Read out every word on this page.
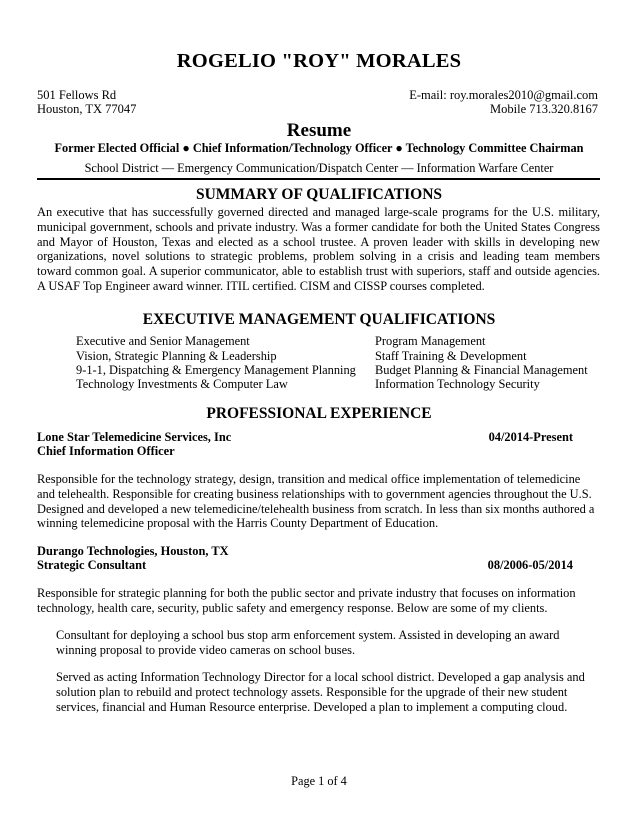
ROGELIO "ROY" MORALES
501 Fellows Rd
Houston, TX 77047
E-mail: roy.morales2010@gmail.com
Mobile 713.320.8167
Resume
Former Elected Official ● Chief Information/Technology Officer ● Technology Committee Chairman
School District — Emergency Communication/Dispatch Center — Information Warfare Center
SUMMARY OF QUALIFICATIONS
An executive that has successfully governed directed and managed large-scale programs for the U.S. military, municipal government, schools and private industry. Was a former candidate for both the United States Congress and Mayor of Houston, Texas and elected as a school trustee. A proven leader with skills in developing new organizations, novel solutions to strategic problems, problem solving in a crisis and leading team members toward common goal. A superior communicator, able to establish trust with superiors, staff and outside agencies. A USAF Top Engineer award winner. ITIL certified. CISM and CISSP courses completed.
EXECUTIVE MANAGEMENT QUALIFICATIONS
Executive and Senior Management
Vision, Strategic Planning & Leadership
9-1-1, Dispatching & Emergency Management Planning
Technology Investments & Computer Law
Program Management
Staff Training & Development
Budget Planning & Financial Management
Information Technology Security
PROFESSIONAL EXPERIENCE
Lone Star Telemedicine Services, Inc	04/2014-Present
Chief Information Officer
Responsible for the technology strategy, design, transition and medical office implementation of telemedicine and telehealth. Responsible for creating business relationships with to government agencies throughout the U.S. Designed and developed a new telemedicine/telehealth business from scratch. In less than six months authored a winning telemedicine proposal with the Harris County Department of Education.
Durango Technologies, Houston, TX
08/2006-05/2014
Strategic Consultant
Responsible for strategic planning for both the public sector and private industry that focuses on information technology, health care, security, public safety and emergency response. Below are some of my clients.
Consultant for deploying a school bus stop arm enforcement system. Assisted in developing an award winning proposal to provide video cameras on school buses.
Served as acting Information Technology Director for a local school district. Developed a gap analysis and solution plan to rebuild and protect technology assets. Responsible for the upgrade of their new student services, financial and Human Resource enterprise. Developed a plan to implement a computing cloud.
Page 1 of 4
